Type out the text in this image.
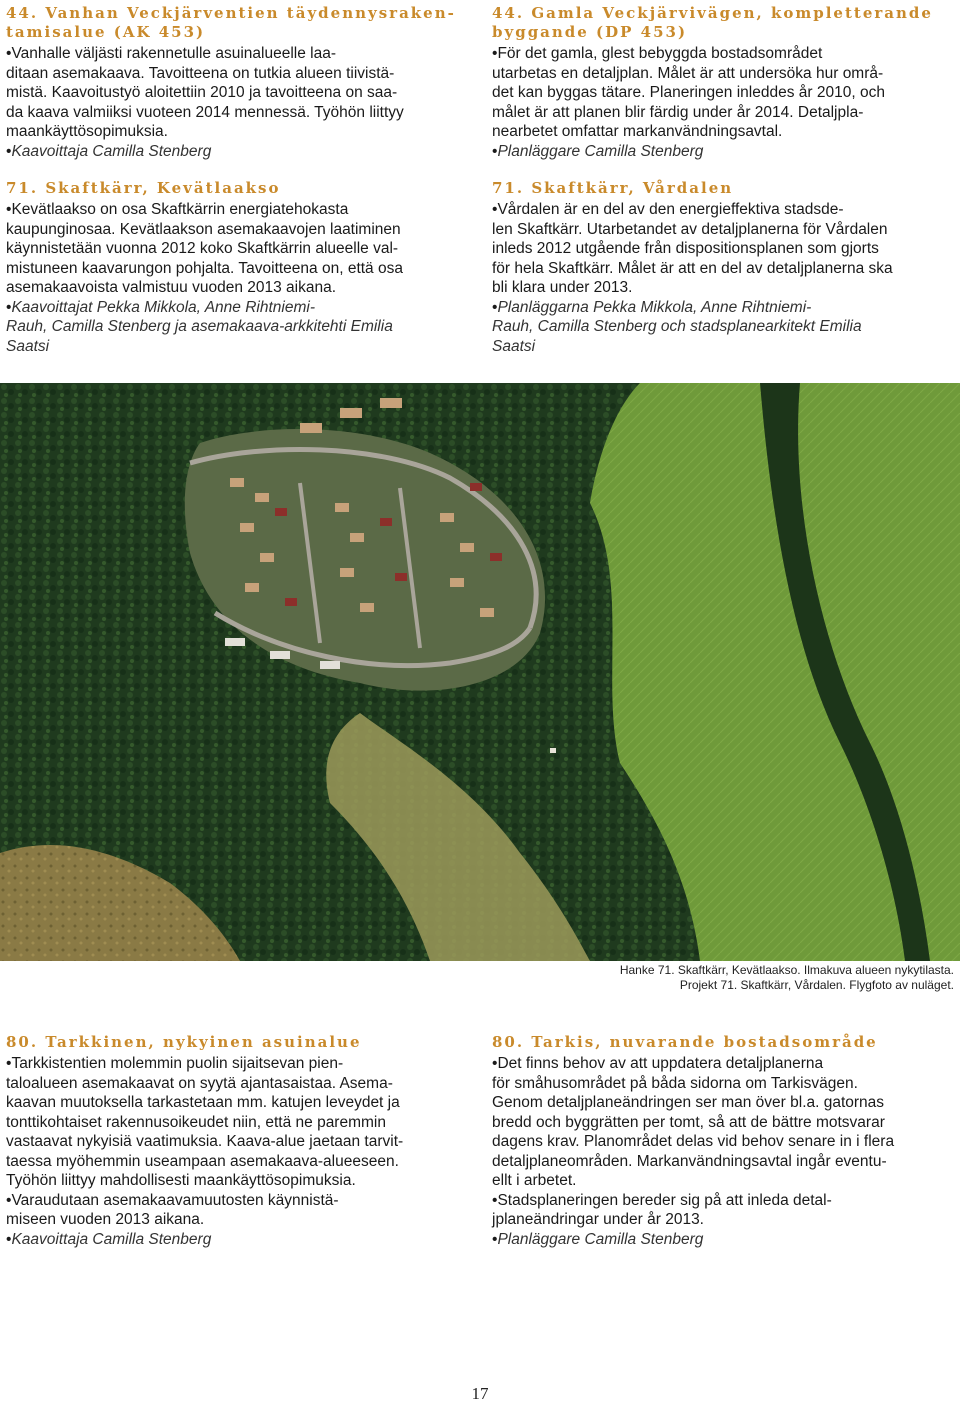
44. Vanhan Veckjärventien täydennysraken-
tamisalue (AK 453)

•Vanhalle väljästi rakennetulle asuinalueelle laa-
ditaan asemakaava. Tavoitteena on tutkia alueen tiivistä-
mistä. Kaavoitustyö aloitettiin 2010 ja tavoitteena on saa-
da kaava valmiiksi vuoteen 2014 mennessä. Työhön liittyy
maankäyttösopimuksia.
•Kaavoittaja Camilla Stenberg

71. Skaftkärr, Kevätlaakso

•Kevätlaakso on osa Skaftkärrin energiatehokasta
kaupunginosaa. Kevätlaakson asemakaavojen laatiminen
käynnistetään vuonna 2012 koko Skaftkärrin alueelle val-
mistuneen kaavarungon pohjalta. Tavoitteena on, että osa
asemakaavoista valmistuu vuoden 2013 aikana.
•Kaavoittajat Pekka Mikkola, Anne Rihtniemi-
Rauh, Camilla Stenberg ja asemakaava-arkkitehti Emilia
Saatsi

44. Gamla Veckjärvivägen, kompletterande
byggande (DP 453)

•För det gamla, glest bebyggda bostadsområdet
utarbetas en detaljplan. Målet är att undersöka hur områ-
det kan byggas tätare. Planeringen inleddes år 2010, och
målet är att planen blir färdig under år 2014. Detaljpla-
nearbetet omfattar markanvändningsavtal.
•Planläggare Camilla Stenberg

71. Skaftkärr, Vårdalen

•Vårdalen är en del av den energieffektiva stadsde-
len Skaftkärr. Utarbetandet av detaljplanerna för Vårdalen
inleds 2012 utgående från dispositionsplanen som gjorts
för hela Skaftkärr. Målet är att en del av detaljplanerna ska
bli klara under 2013.
•Planläggarna Pekka Mikkola, Anne Rihtniemi-
Rauh, Camilla Stenberg och stadsplanearkitekt Emilia
Saatsi

Hanke 71. Skaftkärr, Kevätlaakso. Ilmakuva alueen nykytilasta.
Projekt 71. Skaftkärr, Vårdalen. Flygfoto av nuläget.

80. Tarkkinen, nykyinen asuinalue

•Tarkkistentien molemmin puolin sijaitsevan pien-
taloalueen asemakaavat on syytä ajantasaistaa. Asema-
kaavan muutoksella tarkastetaan mm. katujen leveydet ja
tonttikohtaiset rakennusoikeudet niin, että ne paremmin
vastaavat nykyisiä vaatimuksia. Kaava-alue jaetaan tarvit-
taessa myöhemmin useampaan asemakaava-alueeseen.
Työhön liittyy mahdollisesti maankäyttösopimuksia.
•Varaudutaan asemakaavamuutosten käynnistä-
miseen vuoden 2013 aikana.
•Kaavoittaja Camilla Stenberg

80. Tarkis, nuvarande bostadsområde

•Det finns behov av att uppdatera detaljplanerna
för småhusområdet på båda sidorna om Tarkisvägen.
Genom detaljplaneändringen ser man över bl.a. gatornas
bredd och byggrätten per tomt, så att de bättre motsvarar
dagens krav. Planområdet delas vid behov senare in i flera
detaljplaneområden. Markanvändningsavtal ingår eventu-
ellt i arbetet.
•Stadsplaneringen bereder sig på att inleda detal-
jplaneändringar under år 2013.
•Planläggare Camilla Stenberg

17
